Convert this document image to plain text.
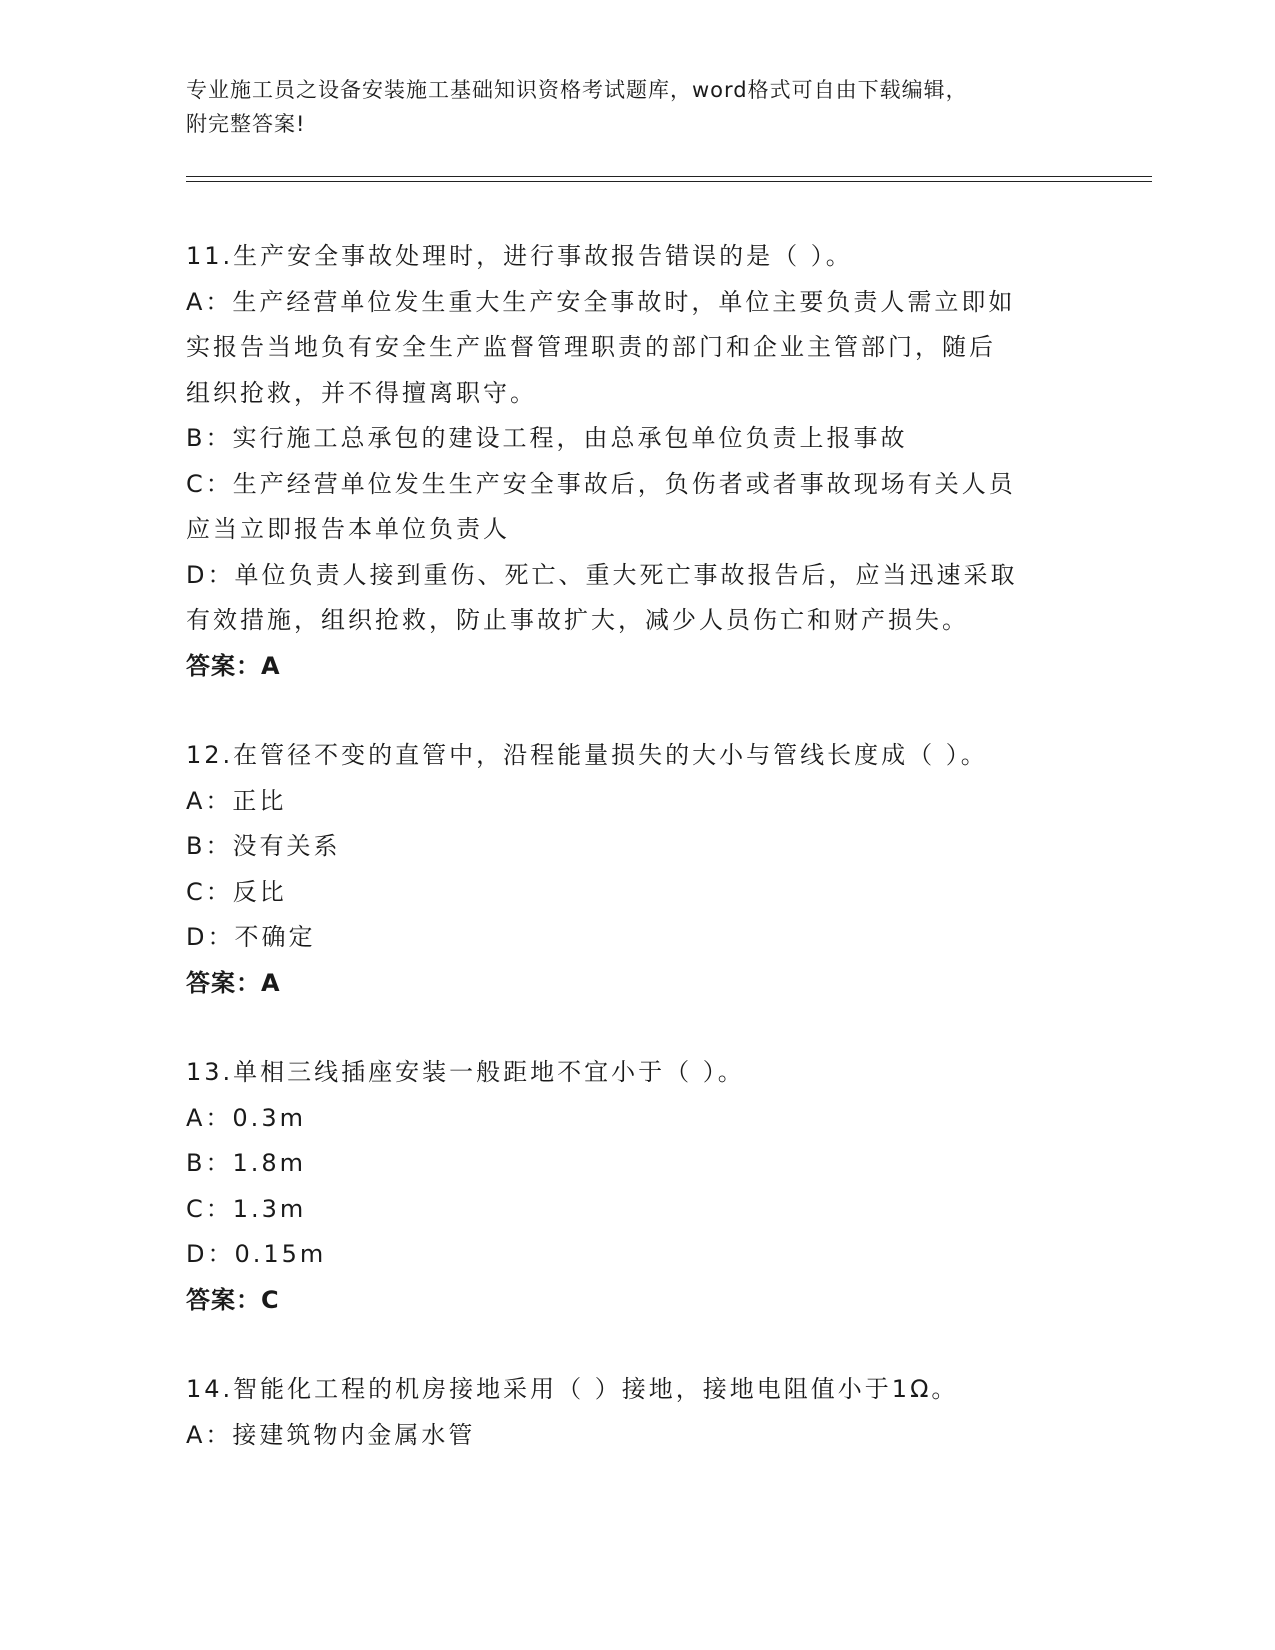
专业施工员之设备安装施工基础知识资格考试题库，word格式可自由下载编辑，
附完整答案!
11.生产安全事故处理时，进行事故报告错误的是（ ）。
A：生产经营单位发生重大生产安全事故时，单位主要负责人需立即如
实报告当地负有安全生产监督管理职责的部门和企业主管部门，随后
组织抢救，并不得擅离职守。
B：实行施工总承包的建设工程，由总承包单位负责上报事故
C：生产经营单位发生生产安全事故后，负伤者或者事故现场有关人员
应当立即报告本单位负责人
D：单位负责人接到重伤、死亡、重大死亡事故报告后，应当迅速采取
有效措施，组织抢救，防止事故扩大，减少人员伤亡和财产损失。
答案：A
12.在管径不变的直管中，沿程能量损失的大小与管线长度成（ ）。
A：正比
B：没有关系
C：反比
D：不确定
答案：A
13.单相三线插座安装一般距地不宜小于（ ）。
A：0.3m
B：1.8m
C：1.3m
D：0.15m
答案：C
14.智能化工程的机房接地采用（ ）接地，接地电阻值小于1Ω。
A：接建筑物内金属水管
